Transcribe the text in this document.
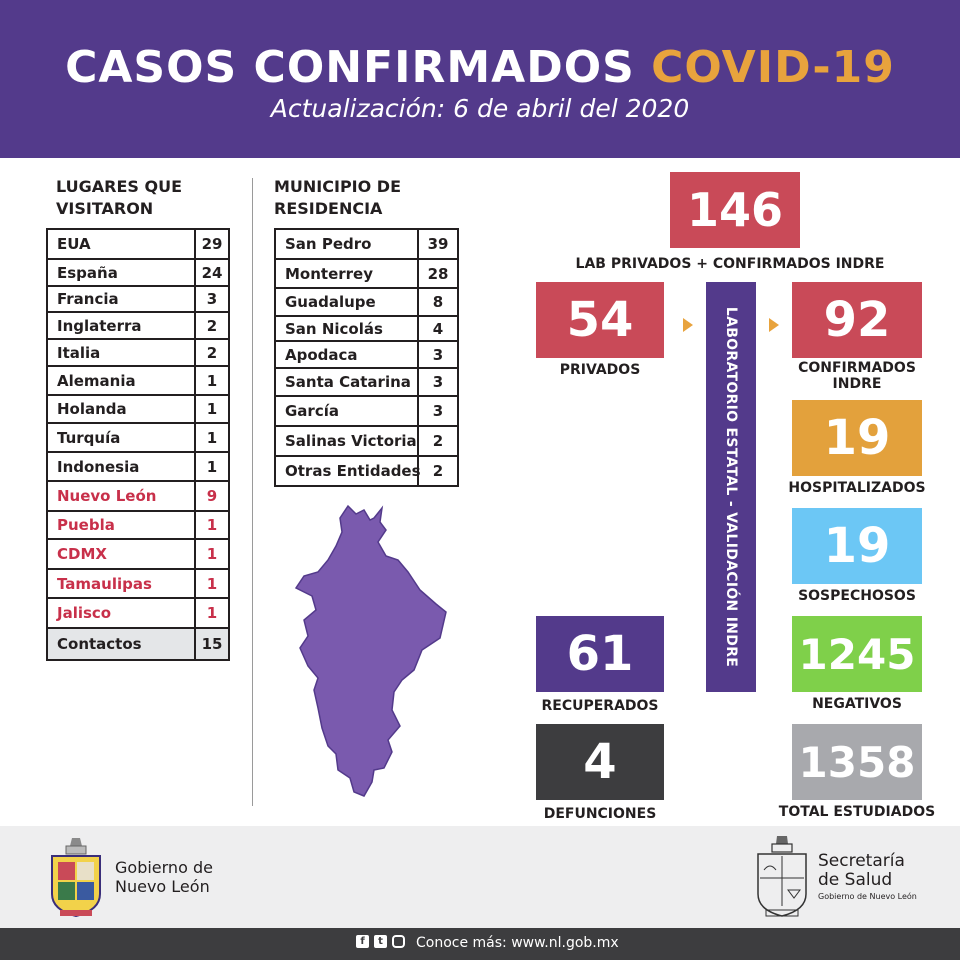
CASOS CONFIRMADOS COVID-19
Actualización: 6 de abril del 2020
LUGARES QUE
VISITARON
EUA	29
España	24
Francia	3
Inglaterra	2
Italia	2
Alemania	1
Holanda	1
Turquía	1
Indonesia	1
Nuevo León	9
Puebla	1
CDMX	1
Tamaulipas	1
Jalisco	1
Contactos	15
MUNICIPIO DE
RESIDENCIA
San Pedro	39
Monterrey	28
Guadalupe	8
San Nicolás	4
Apodaca	3
Santa Catarina	3
García	3
Salinas Victoria	2
Otras Entidades 2
146
LAB PRIVADOS + CONFIRMADOS INDRE
54
PRIVADOS	LABORATORIO ESTATAL - VALIDACIÓN INDRE 92
CONFIRMADOS
INDRE
19
HOSPITALIZADOS
19
SOSPECHOSOS
61
RECUPERADOS
1245
NEGATIVOS
4
DEFUNCIONES
1358
TOTAL ESTUDIADOS
Gobierno de
Nuevo León
Secretaría
de Salud
Gobierno de Nuevo León
f	t Conoce más: www.nl.gob.mx
